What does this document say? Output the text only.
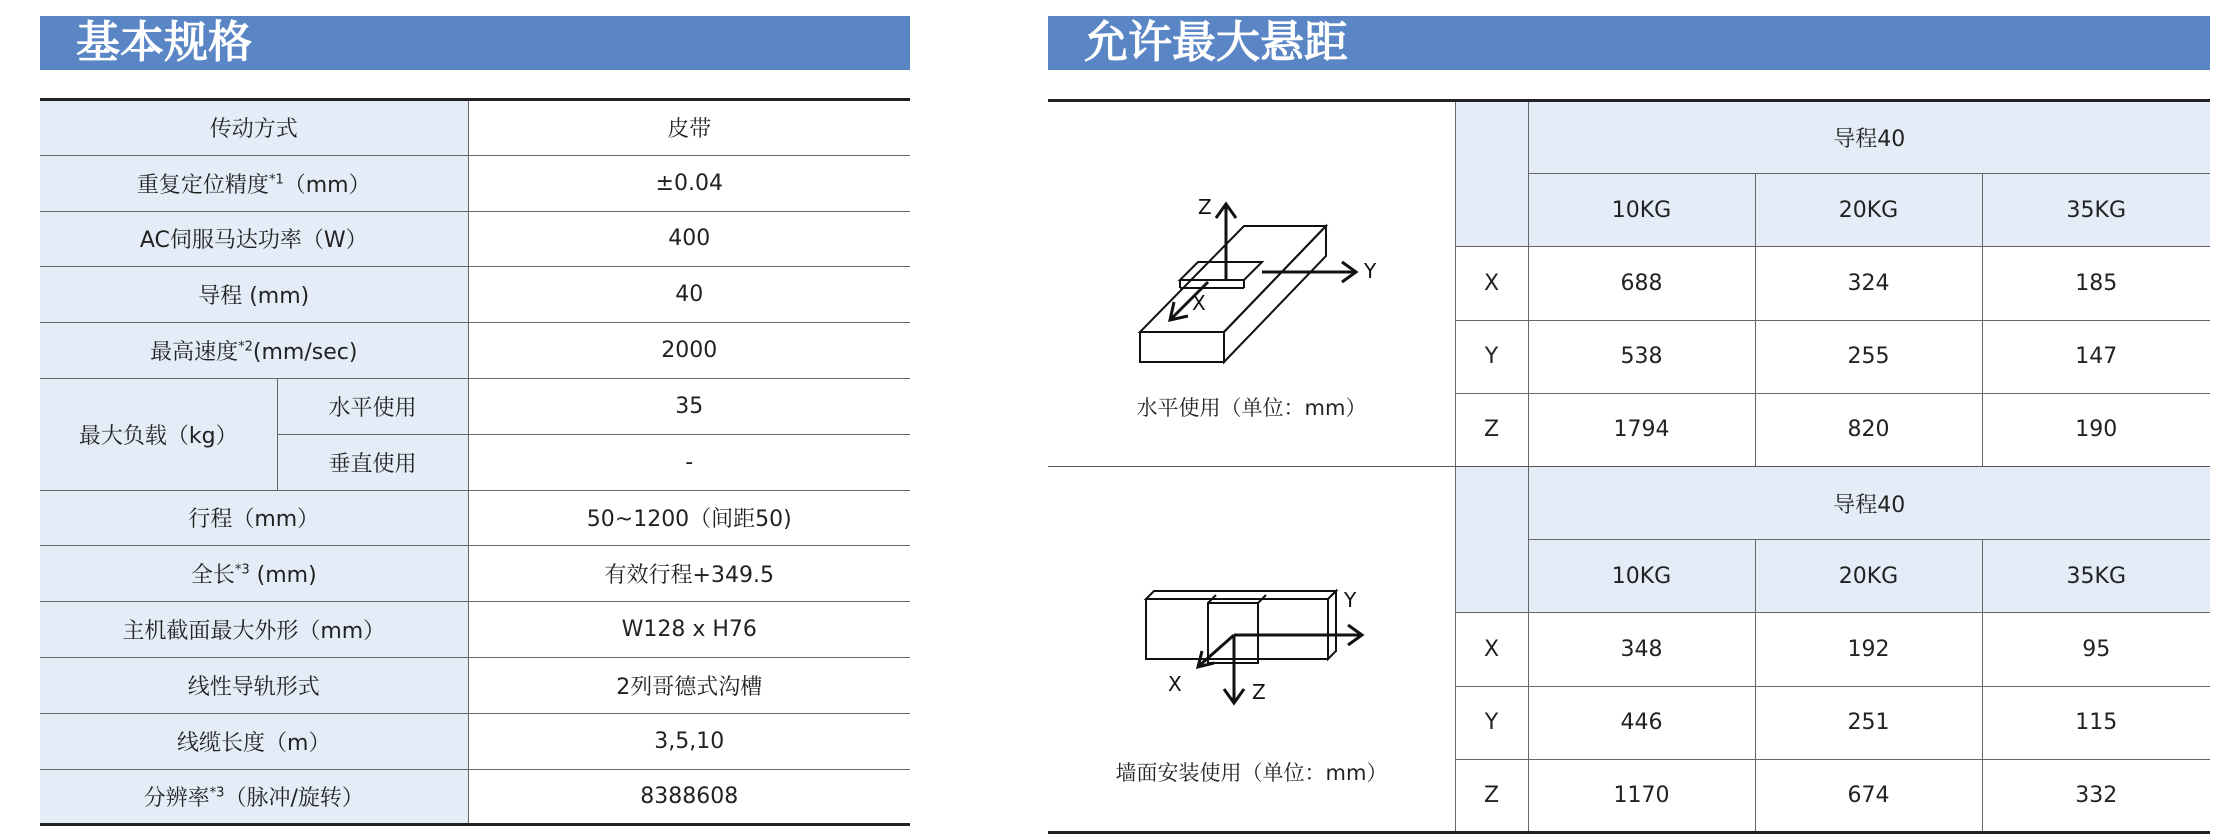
基本规格	允许最大悬距
传动方式		皮带
重复定位精度$^{*1}$（mm）		±0.04
AC伺服马达功率（W）		400
导程 (mm)		40
最高速度$^{*2}$(mm/sec)		2000
最大负载（kg）	水平使用	35
	垂直使用	-
行程（mm）		50~1200（间距50)
全长$^{*3}$ (mm)		有效行程+349.5
主机截面最大外形（mm）		W128 x H76
线性导轨形式		2列哥德式沟槽
线缆长度（m）		3,5,10
分辨率$^{*3}$（脉冲/旋转）		8388608
Z
Y
X
水平使用（单位：mm）		导程40		
		10KG	20KG	35KG
	X	688	324	185
	Y	538	255	147
	Z	1794	820	190

Y
Z
X
墙面安装使用（单位：mm）		导程40		
		10KG	20KG	35KG
	X	348	192	95
	Y	446	251	115
	Z	1170	674	332
